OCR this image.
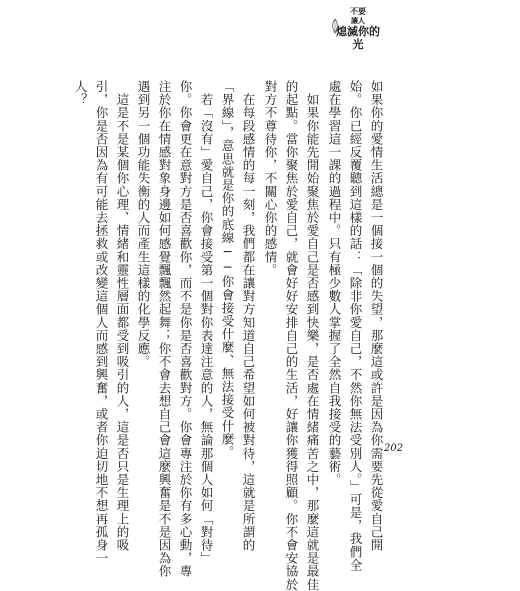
不要
讓人
熄滅你的光
如果你的愛情生活總是一個接一個的失望，那麼這或許是因為你需要先從愛自己開
始。你已經反覆聽到這樣的話：「除非你愛自己，不然你無法受別人。」可是，我們全
處在學習這一課的過程中。只有極少數人掌握了全然自我接受的藝術。
　如果你能先開始聚焦於愛自己是否感到快樂，是否處在情緒痛苦之中，那麼這就是最佳
的起點。當你聚焦於愛自己，就會好好安排自己的生活，好讓你獲得照顧。你不會安協於
對方不尊待你，不關心你的感情。
　在每段感情的每一刻，我們都在讓對方知道自己希望如何被對待，這就是所謂的
「界線」，意思就是你的底線──你會接受什麼、無法接受什麼。
　若「沒有」愛自己，你會接受第一個對你表達注意的人，無論那個人如何「對待」
你。你會更在意對方是否喜歡你，而不是你是否喜歡對方。你會專注於你有多心動，專
注於你在情感對象身邊如何感覺飄飄然起舞；你不會去想自己會這麼興奮是不是因為你
遇到另一個功能失衡的人而產生這樣的化學反應。
　這是不是某個你心理、情緒和靈性層面都受到吸引的人，這是否只是生理上的吸
引，你是否因為有可能去拯救或改變這個人而感到興奮，或者你迫切地不想再孤身一
人？
202
